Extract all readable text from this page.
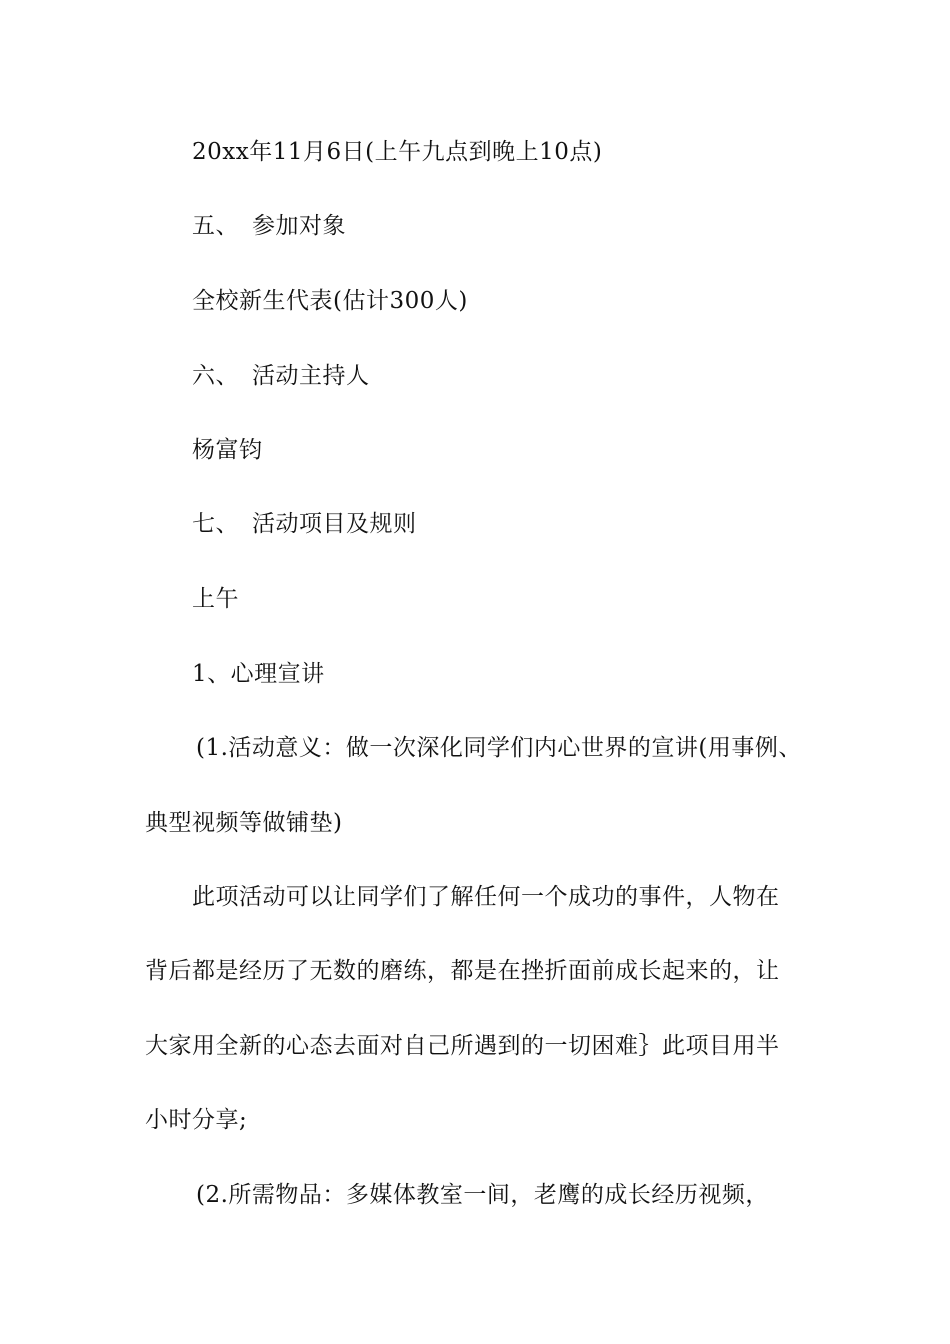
20xx年11月6日(上午九点到晚上10点)
五、 参加对象
全校新生代表(估计300人)
六、 活动主持人
杨富钧
七、 活动项目及规则
上午
1、心理宣讲
(1.活动意义：做一次深化同学们内心世界的宣讲(用事例、
典型视频等做铺垫)
此项活动可以让同学们了解任何一个成功的事件，人物在
背后都是经历了无数的磨练，都是在挫折面前成长起来的，让
大家用全新的心态去面对自己所遇到的一切困难｝此项目用半
小时分享;
(2.所需物品：多媒体教室一间，老鹰的成长经历视频，
